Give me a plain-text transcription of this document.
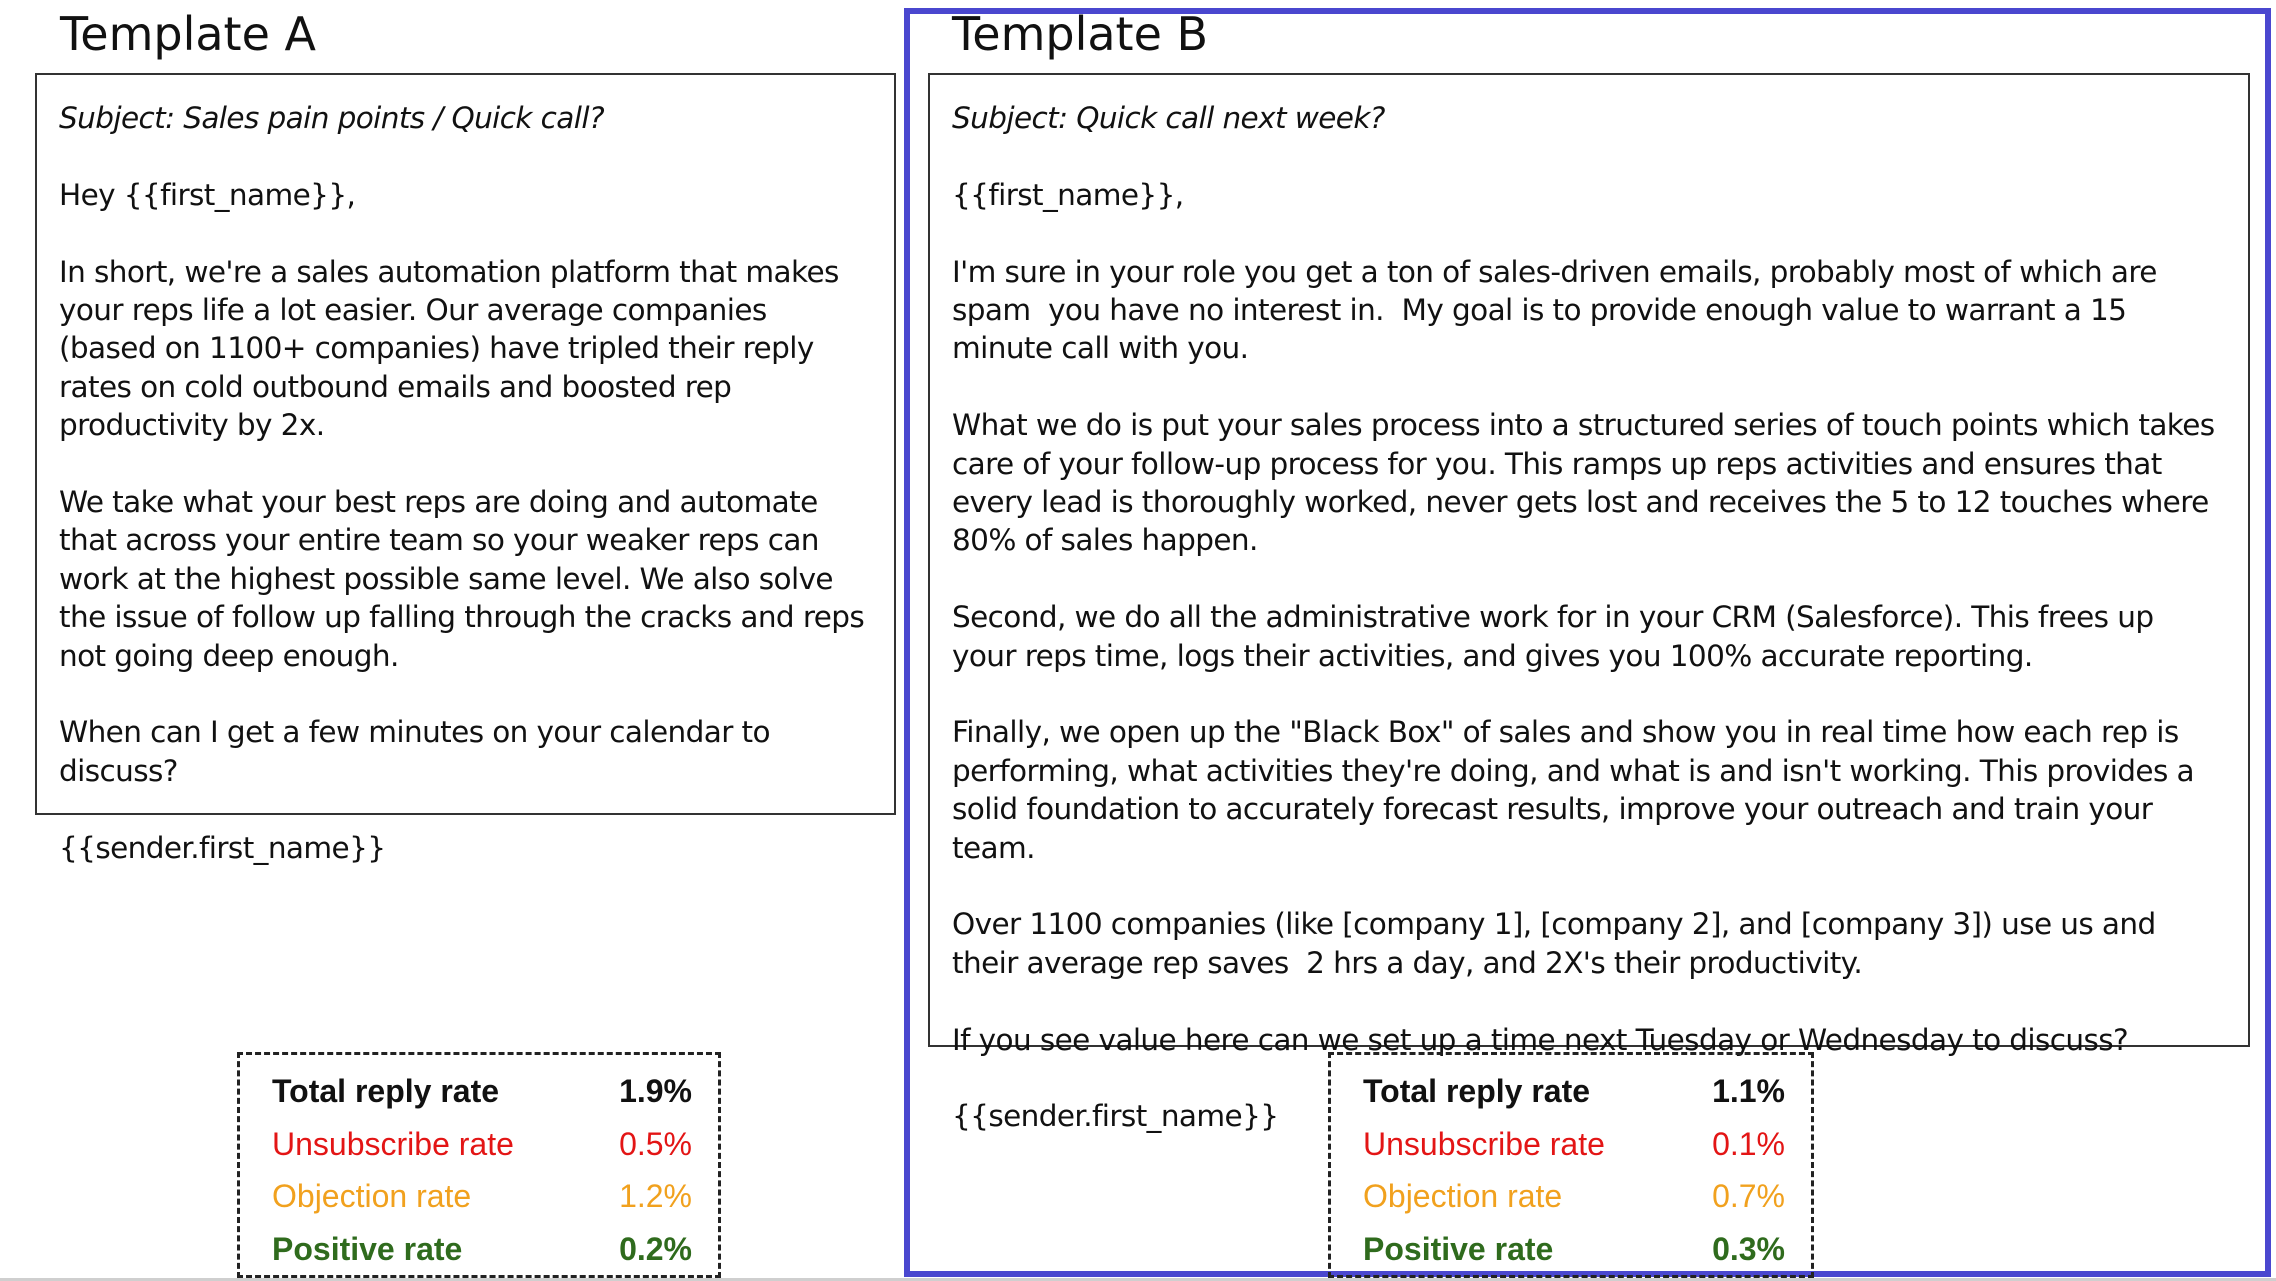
Template A

Subject: Sales pain points / Quick call?

Hey {{first_name}},

In short, we're a sales automation platform that makes your reps life a lot easier. Our average companies (based on 1100+ companies) have tripled their reply rates on cold outbound emails and boosted rep productivity by 2x.

We take what your best reps are doing and automate that across your entire team so your weaker reps can work at the highest possible same level. We also solve the issue of follow up falling through the cracks and reps not going deep enough.

When can I get a few minutes on your calendar to discuss?

{{sender.first_name}}

Total reply rate	1.9%
Unsubscribe rate	0.5%
Objection rate	1.2%
Positive rate	0.2%
Template B

Subject: Quick call next week?

{{first_name}},

I'm sure in your role you get a ton of sales-driven emails, probably most of which are spam  you have no interest in.  My goal is to provide enough value to warrant a 15 minute call with you.

What we do is put your sales process into a structured series of touch points which takes care of your follow-up process for you. This ramps up reps activities and ensures that every lead is thoroughly worked, never gets lost and receives the 5 to 12 touches where 80% of sales happen.

Second, we do all the administrative work for in your CRM (Salesforce). This frees up your reps time, logs their activities, and gives you 100% accurate reporting.

Finally, we open up the "Black Box" of sales and show you in real time how each rep is performing, what activities they're doing, and what is and isn't working. This provides a solid foundation to accurately forecast results, improve your outreach and train your team.

Over 1100 companies (like [company 1], [company 2], and [company 3]) use us and their average rep saves  2 hrs a day, and 2X's their productivity.

If you see value here can we set up a time next Tuesday or Wednesday to discuss?

{{sender.first_name}}

Total reply rate	1.1%
Unsubscribe rate	0.1%
Objection rate	0.7%
Positive rate	0.3%
